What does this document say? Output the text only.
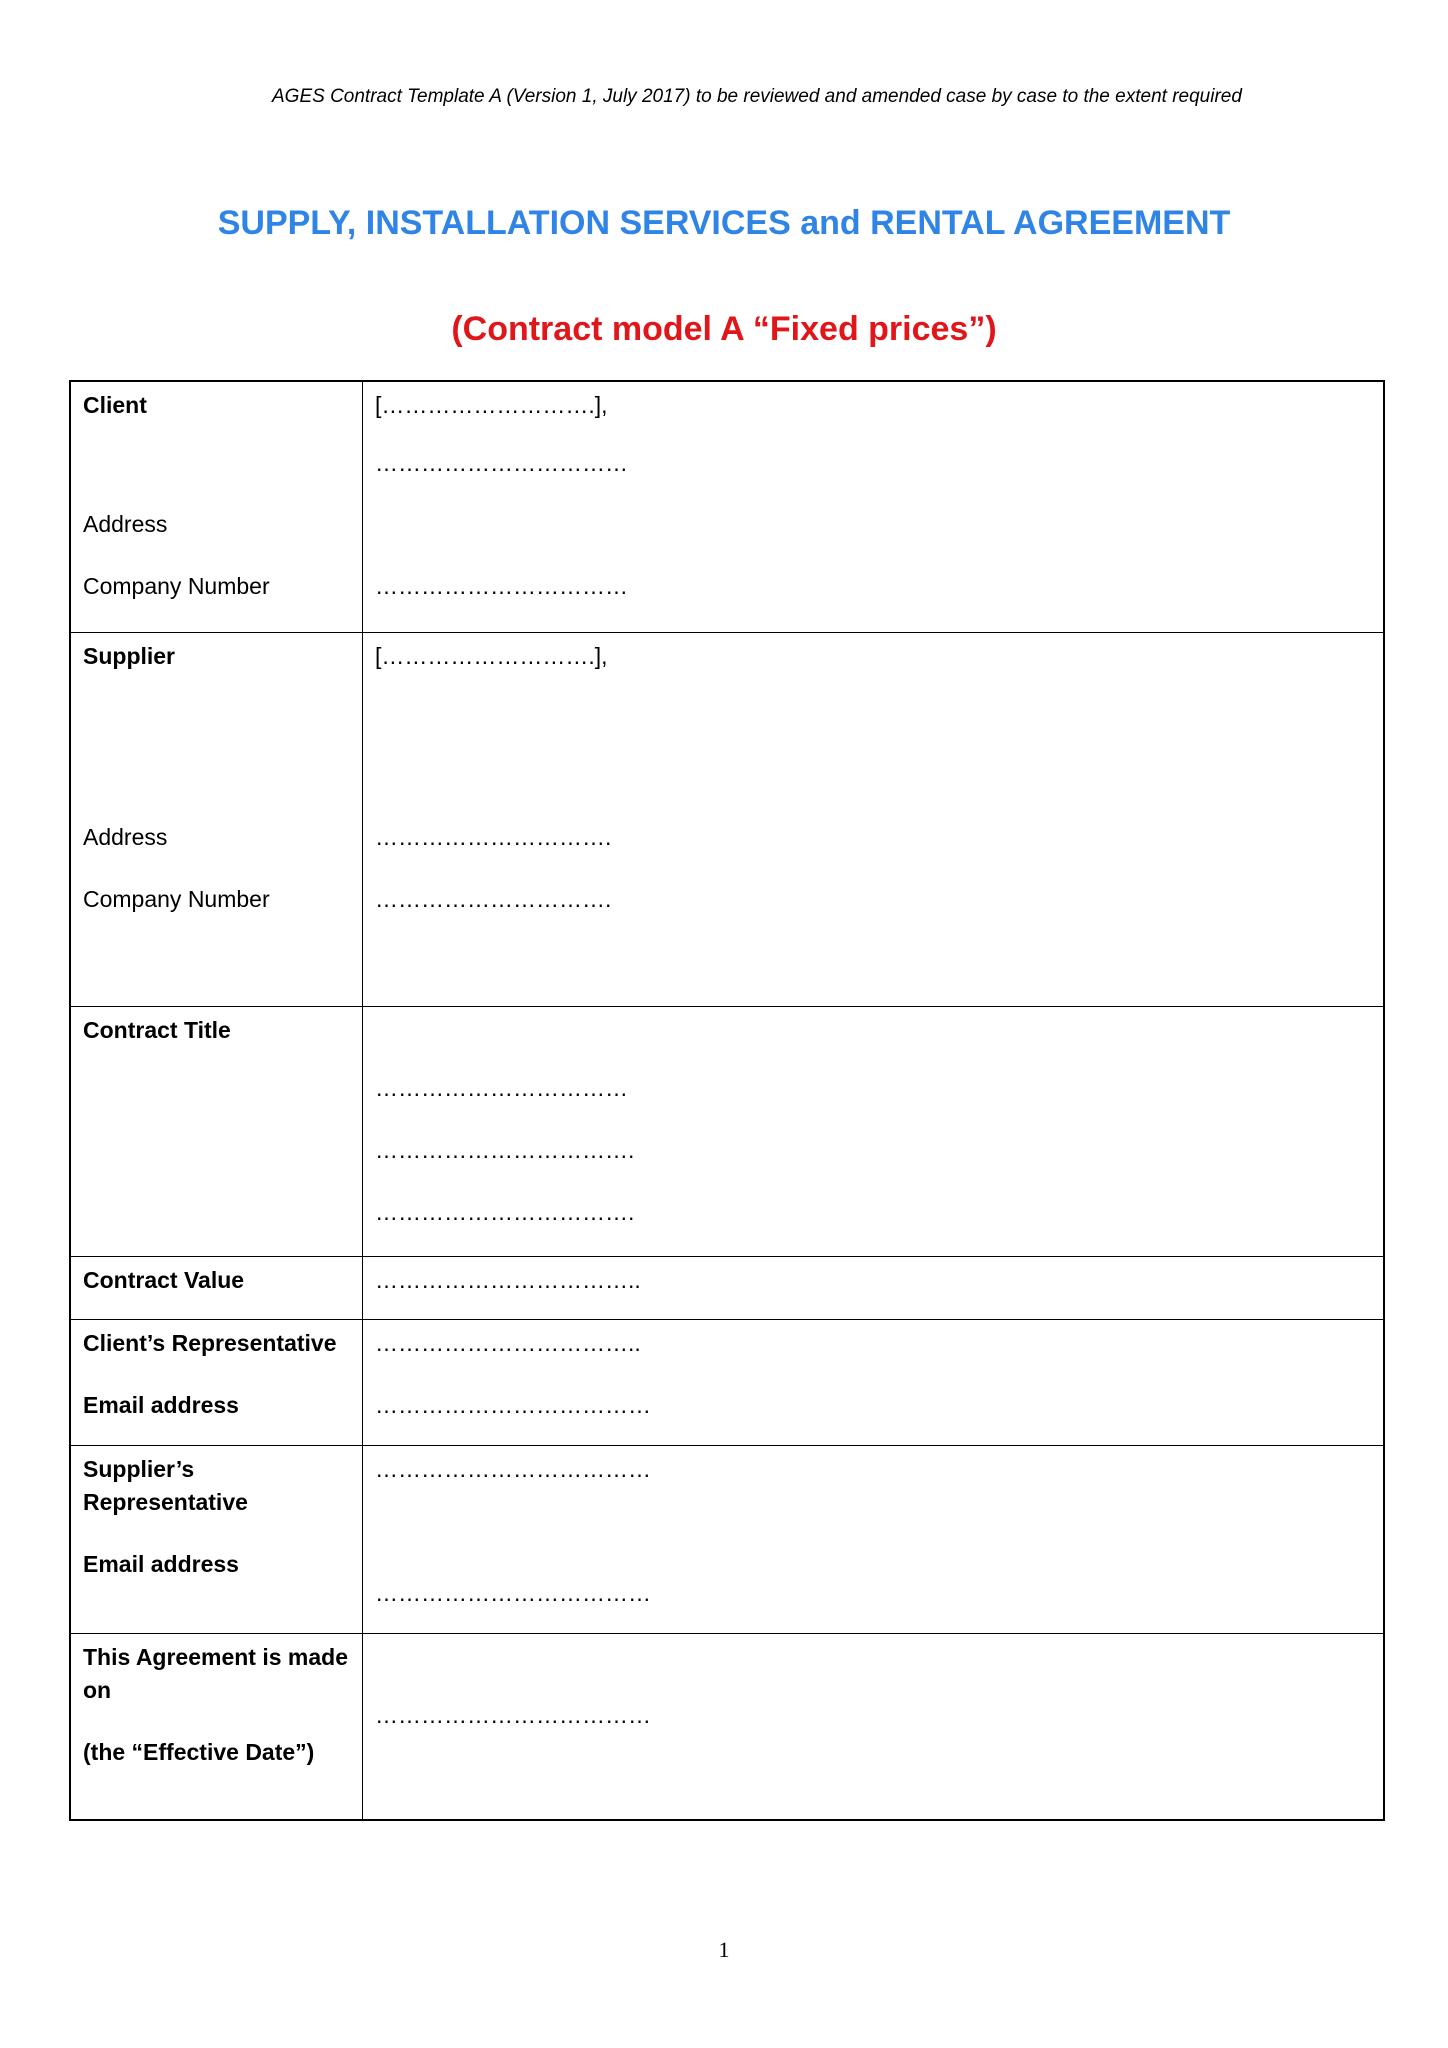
AGES Contract Template A (Version 1, July 2017) to be reviewed and amended case by case to the extent required
SUPPLY, INSTALLATION SERVICES and RENTAL AGREEMENT
(Contract model A “Fixed prices”)
Client
Address
Company Number
[……………………….],
……………………………
……………………………
Supplier
Address
Company Number
[……………………….],
………………………….
………………………….
Contract Title
……………………………
…………………………….
…………………………….
Contract Value	……………………………..
Client’s Representative
Email address
……………………………..
………………………………
Supplier’s
Representative
Email address
………………………………
………………………………
This Agreement is made
on
(the “Effective Date”)
………………………………
1
